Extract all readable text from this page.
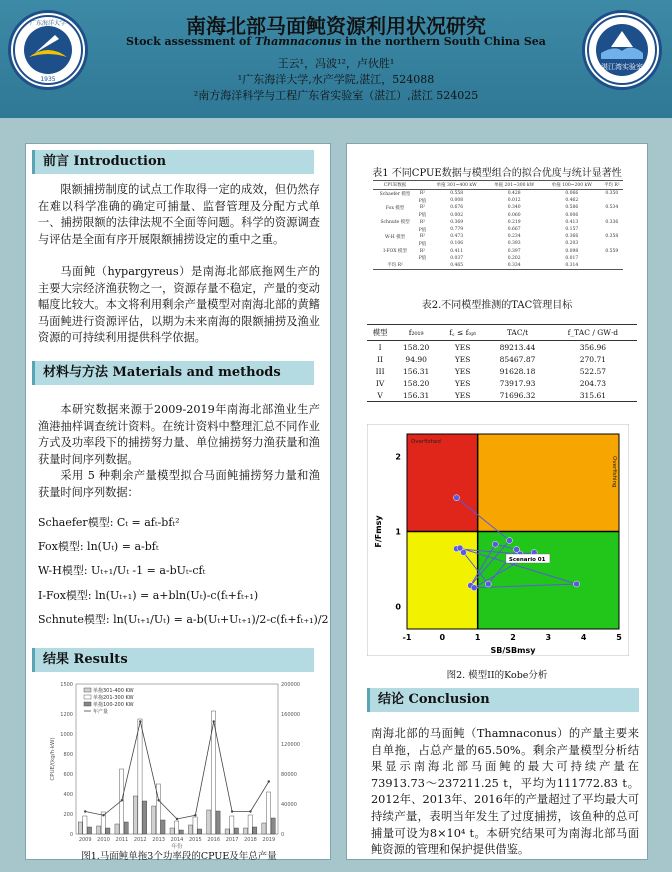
广东海洋大学
1935
湛江湾实验室
南海北部马面鲀资源利用状况研究
Stock assessment of Thamnaconus in the northern South China Sea
王云¹，冯波¹²，卢伙胜¹
¹广东海洋大学,水产学院,湛江，524088
²南方海洋科学与工程广东省实验室（湛江）,湛江 524025
前言 Introduction
限额捕捞制度的试点工作取得一定的成效，但仍然存在难以科学准确的确定可捕量、监督管理及分配方式单一、捕捞限额的法律法规不全面等问题。科学的资源调查与评估是全面有序开展限额捕捞设定的重中之重。
马面鲀（hypargyreus）是南海北部底拖网生产的主要大宗经济渔获物之一，资源存量不稳定，产量的变动幅度比较大。本文将利用剩余产量模型对南海北部的黄鳍马面鲀进行资源评估，以期为未来南海的限额捕捞及渔业资源的可持续利用提供科学依据。
材料与方法 Materials and methods
本研究数据来源于2009-2019年南海北部渔业生产渔港抽样调查统计资料。在统计资料中整理汇总不同作业方式及功率段下的捕捞努力量、单位捕捞努力渔获量和渔获量时间序列数据。
采用 5 种剩余产量模型拟合马面鲀捕捞努力量和渔获量时间序列数据：
Schaefer模型: Cₜ = afₜ-bfₜ²
Fox模型: ln(Uₜ) = a-bfₜ
W-H模型: Uₜ₊₁/Uₜ -1 = a-bUₜ-cfₜ
I-Fox模型: ln(Uₜ₊₁) = a+bln(Uₜ)-c(fₜ+fₜ₊₁)
Schnute模型: ln(Uₜ₊₁/Uₜ) = a-b(Uₜ+Uₜ₊₁)/2-c(fₜ+fₜ₊₁)/2
结果 Results
0
200
400
600
800
1000
1200
1500
0
40000
80000
120000
160000
200000
2009 2010 2011 2012 2013 2014 2015 2016 2017 2018 2019
年份
CPUE/(kg/h·kW)
单拖301-400 KW
单拖201-300 KW
单拖100-200 KW
年产量
图1.马面鲀单拖3个功率段的CPUE及年总产量
表1 不同CPUE数据与模型组合的拟合优度与统计显著性
CPUE数据		单拖 301~400 kW	单拖 201~300 kW	单拖 100~200 kW	平均 R²
Schaefer 模型	R²	0.558	0.428	0.066	0.350
	P值	0.008	0.012	0.462	
Fox 模型	R²	0.676	0.340	0.586	0.534
	P值	0.002	0.060	0.006	
Schnute 模型	R²	0.369	0.219	0.413	0.336
	P值	0.779	0.667	0.157	
W-H 模型	R²	0.473	0.234	0.366	0.358
	P值	0.106	0.393	0.203	
I-FOX 模型	R²	0.411	0.397	0.098	0.559
	P值	0.037	0.202	0.017	
平均 R²		0.465	0.334	0.314	
表2.不同模型推测的TAC管理目标
模型	f₂₀₁₉	f꜀ ≤ fₒₚₜ	TAC/t	f_TAC / GW·d
I	158.20	YES	89213.44	356.96
II	94.90	YES	85467.87	270.71
III	156.31	YES	91628.18	522.57
IV	158.20	YES	73917.93	204.73
V	156.31	YES	71696.32	315.61
Overfished
Overfishing
-1	0	1	2	3	4	5
0
1
2
SB/SBmsy
F/Fmsy
Scenario 01
图2. 模型II的Kobe分析
结论 Conclusion
南海北部的马面鲀（Thamnaconus）的产量主要来自单拖，占总产量的65.50%。剩余产量模型分析结果显示南海北部马面鲀的最大可持续产量在73913.73～237211.25 t，平均为111772.83 t。2012年、2013年、2016年的产量超过了平均最大可持续产量，表明当年发生了过度捕捞，该鱼种的总可捕量可设为8×10⁴ t。本研究结果可为南海北部马面鲀资源的管理和保护提供借鉴。
